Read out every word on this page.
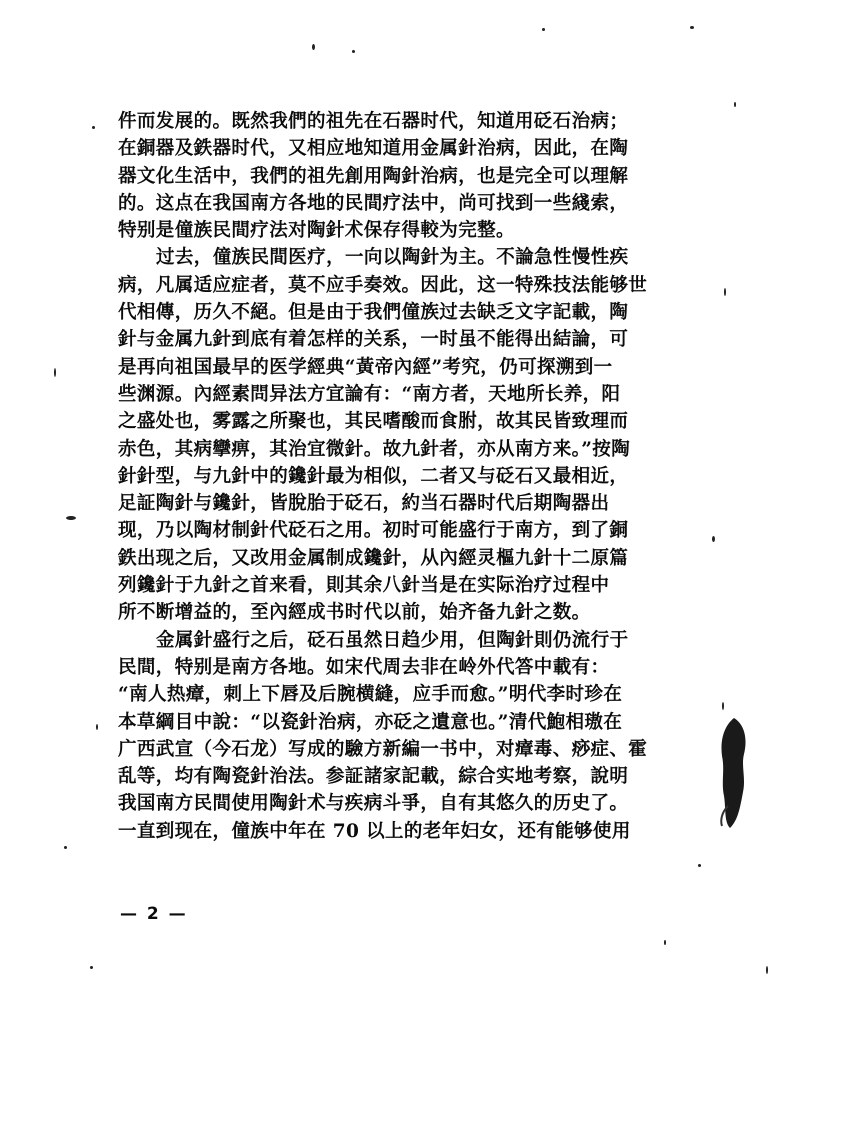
件而发展的。既然我們的祖先在石器时代，知道用砭石治病；
在銅器及鉄器时代，又相应地知道用金属針治病，因此，在陶
器文化生活中，我們的祖先創用陶針治病，也是完全可以理解
的。这点在我国南方各地的民間疗法中，尚可找到一些綫索，
特别是僮族民間疗法对陶針术保存得較为完整。
过去，僮族民間医疗，一向以陶針为主。不論急性慢性疾
病，凡属适应症者，莫不应手奏效。因此，这一特殊技法能够世
代相傳，历久不絕。但是由于我們僮族过去缺乏文字記載，陶
針与金属九針到底有着怎样的关系，一时虽不能得出結論，可
是再向祖国最早的医学經典“黃帝內經”考究，仍可探溯到一
些渊源。內經素問异法方宜論有：“南方者，天地所长养，阳
之盛处也，雾露之所聚也，其民嗜酸而食胕，故其民皆致理而
赤色，其病攣痹，其治宜微針。故九針者，亦从南方来。”按陶
針針型，与九針中的鑱針最为相似，二者又与砭石又最相近，
足証陶針与鑱針，皆脫胎于砭石，約当石器时代后期陶器出
现，乃以陶材制針代砭石之用。初时可能盛行于南方，到了銅
鉄出现之后，又改用金属制成鑱針，从內經灵樞九針十二原篇
列鑱針于九針之首来看，則其余八針当是在实际治疗过程中
所不断增益的，至內經成书时代以前，始齐备九針之数。
金属針盛行之后，砭石虽然日趋少用，但陶針則仍流行于
民間，特别是南方各地。如宋代周去非在岭外代答中載有：
“南人热瘴，刺上下唇及后腕横縫，应手而愈。”明代李时珍在
本草綱目中說：“以瓷針治病，亦砭之遺意也。”清代鮑相璈在
广西武宣（今石龙）写成的驗方新編一书中，对瘴毒、痧症、霍
乱等，均有陶瓷針治法。参証諸家記載，綜合实地考察，說明
我国南方民間使用陶針术与疾病斗爭，自有其悠久的历史了。
一直到现在，僮族中年在 70 以上的老年妇女，还有能够使用
— 2 —
